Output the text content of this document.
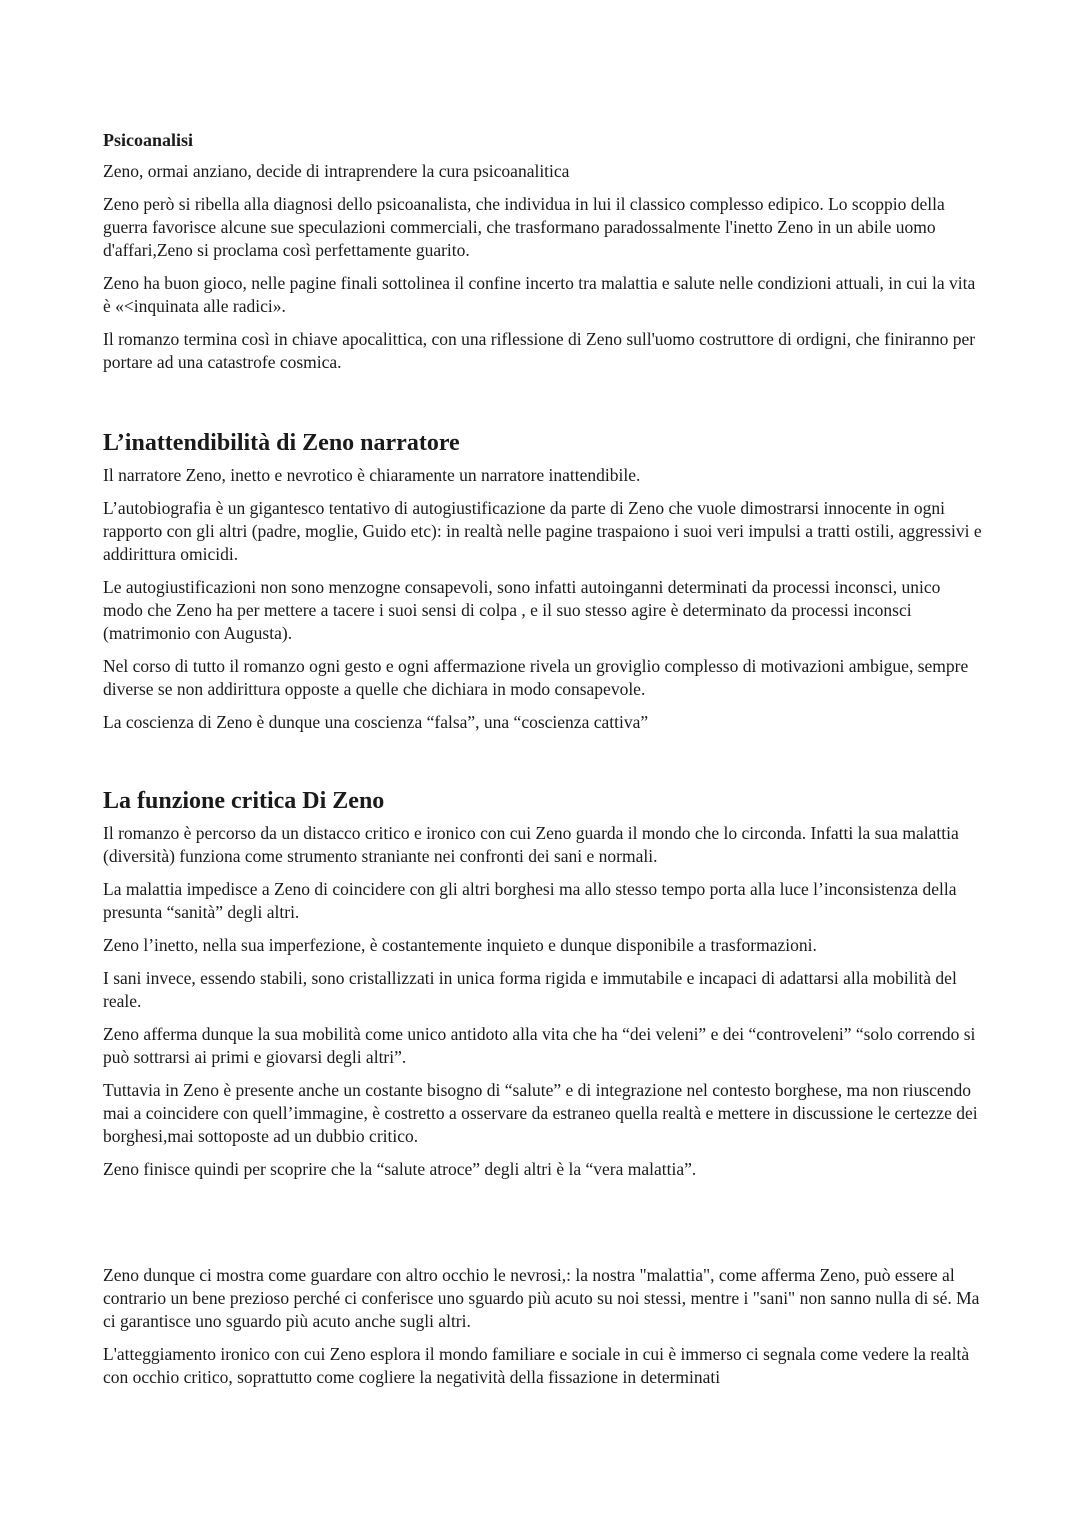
Psicoanalisi

Zeno, ormai anziano, decide di intraprendere la cura psicoanalitica

Zeno però si ribella alla diagnosi dello psicoanalista, che individua in lui il classico complesso edipico. Lo scoppio della guerra favorisce alcune sue speculazioni commerciali, che trasformano paradossalmente l'inetto Zeno in un abile uomo d'affari,Zeno si proclama così perfettamente guarito.

Zeno ha buon gioco, nelle pagine finali sottolinea il confine incerto tra malattia e salute nelle condizioni attuali, in cui la vita è «<inquinata alle radici».

Il romanzo termina così in chiave apocalittica, con una riflessione di Zeno sull'uomo costruttore di ordigni, che finiranno per portare ad una catastrofe cosmica.

L’inattendibilità di Zeno narratore

Il narratore Zeno, inetto e nevrotico è chiaramente un narratore inattendibile.

L’autobiografia è un gigantesco tentativo di autogiustificazione da parte di Zeno che vuole dimostrarsi innocente in ogni rapporto con gli altri (padre, moglie, Guido etc): in realtà nelle pagine traspaiono i suoi veri impulsi a tratti ostili, aggressivi e addirittura omicidi.

Le autogiustificazioni non sono menzogne consapevoli, sono infatti autoinganni determinati da processi inconsci, unico modo che Zeno ha per mettere a tacere i suoi sensi di colpa , e il suo stesso agire è determinato da processi inconsci (matrimonio con Augusta).

Nel corso di tutto il romanzo ogni gesto e ogni affermazione rivela un groviglio complesso di motivazioni ambigue, sempre diverse se non addirittura opposte a quelle che dichiara in modo consapevole.

La coscienza di Zeno è dunque una coscienza “falsa”, una “coscienza cattiva”

La funzione critica Di Zeno

Il romanzo è percorso da un distacco critico e ironico con cui Zeno guarda il mondo che lo circonda. Infatti la sua malattia (diversità) funziona come strumento straniante nei confronti dei sani e normali.

La malattia impedisce a Zeno di coincidere con gli altri borghesi ma allo stesso tempo porta alla luce l’inconsistenza della presunta “sanità” degli altri.

Zeno l’inetto, nella sua imperfezione, è costantemente inquieto e dunque disponibile a trasformazioni.

I sani invece, essendo stabili, sono cristallizzati in unica forma rigida e immutabile e incapaci di adattarsi alla mobilità del reale.

Zeno afferma dunque la sua mobilità come unico antidoto alla vita che ha “dei veleni” e dei “controveleni” “solo correndo si può sottrarsi ai primi e giovarsi degli altri”.

Tuttavia in Zeno è presente anche un costante bisogno di “salute” e di integrazione nel contesto borghese, ma non riuscendo mai a coincidere con quell’immagine, è costretto a osservare da estraneo quella realtà e mettere in discussione le certezze dei borghesi,mai sottoposte ad un dubbio critico.

Zeno finisce quindi per scoprire che la “salute atroce” degli altri è la “vera malattia”.

Zeno dunque ci mostra come guardare con altro occhio le nevrosi,: la nostra "malattia", come afferma Zeno, può essere al contrario un bene prezioso perché ci conferisce uno sguardo più acuto su noi stessi, mentre i "sani" non sanno nulla di sé. Ma ci garantisce uno sguardo più acuto anche sugli altri.

L'atteggiamento ironico con cui Zeno esplora il mondo familiare e sociale in cui è immerso ci segnala come vedere la realtà con occhio critico, soprattutto come cogliere la negatività della fissazione in determinati
